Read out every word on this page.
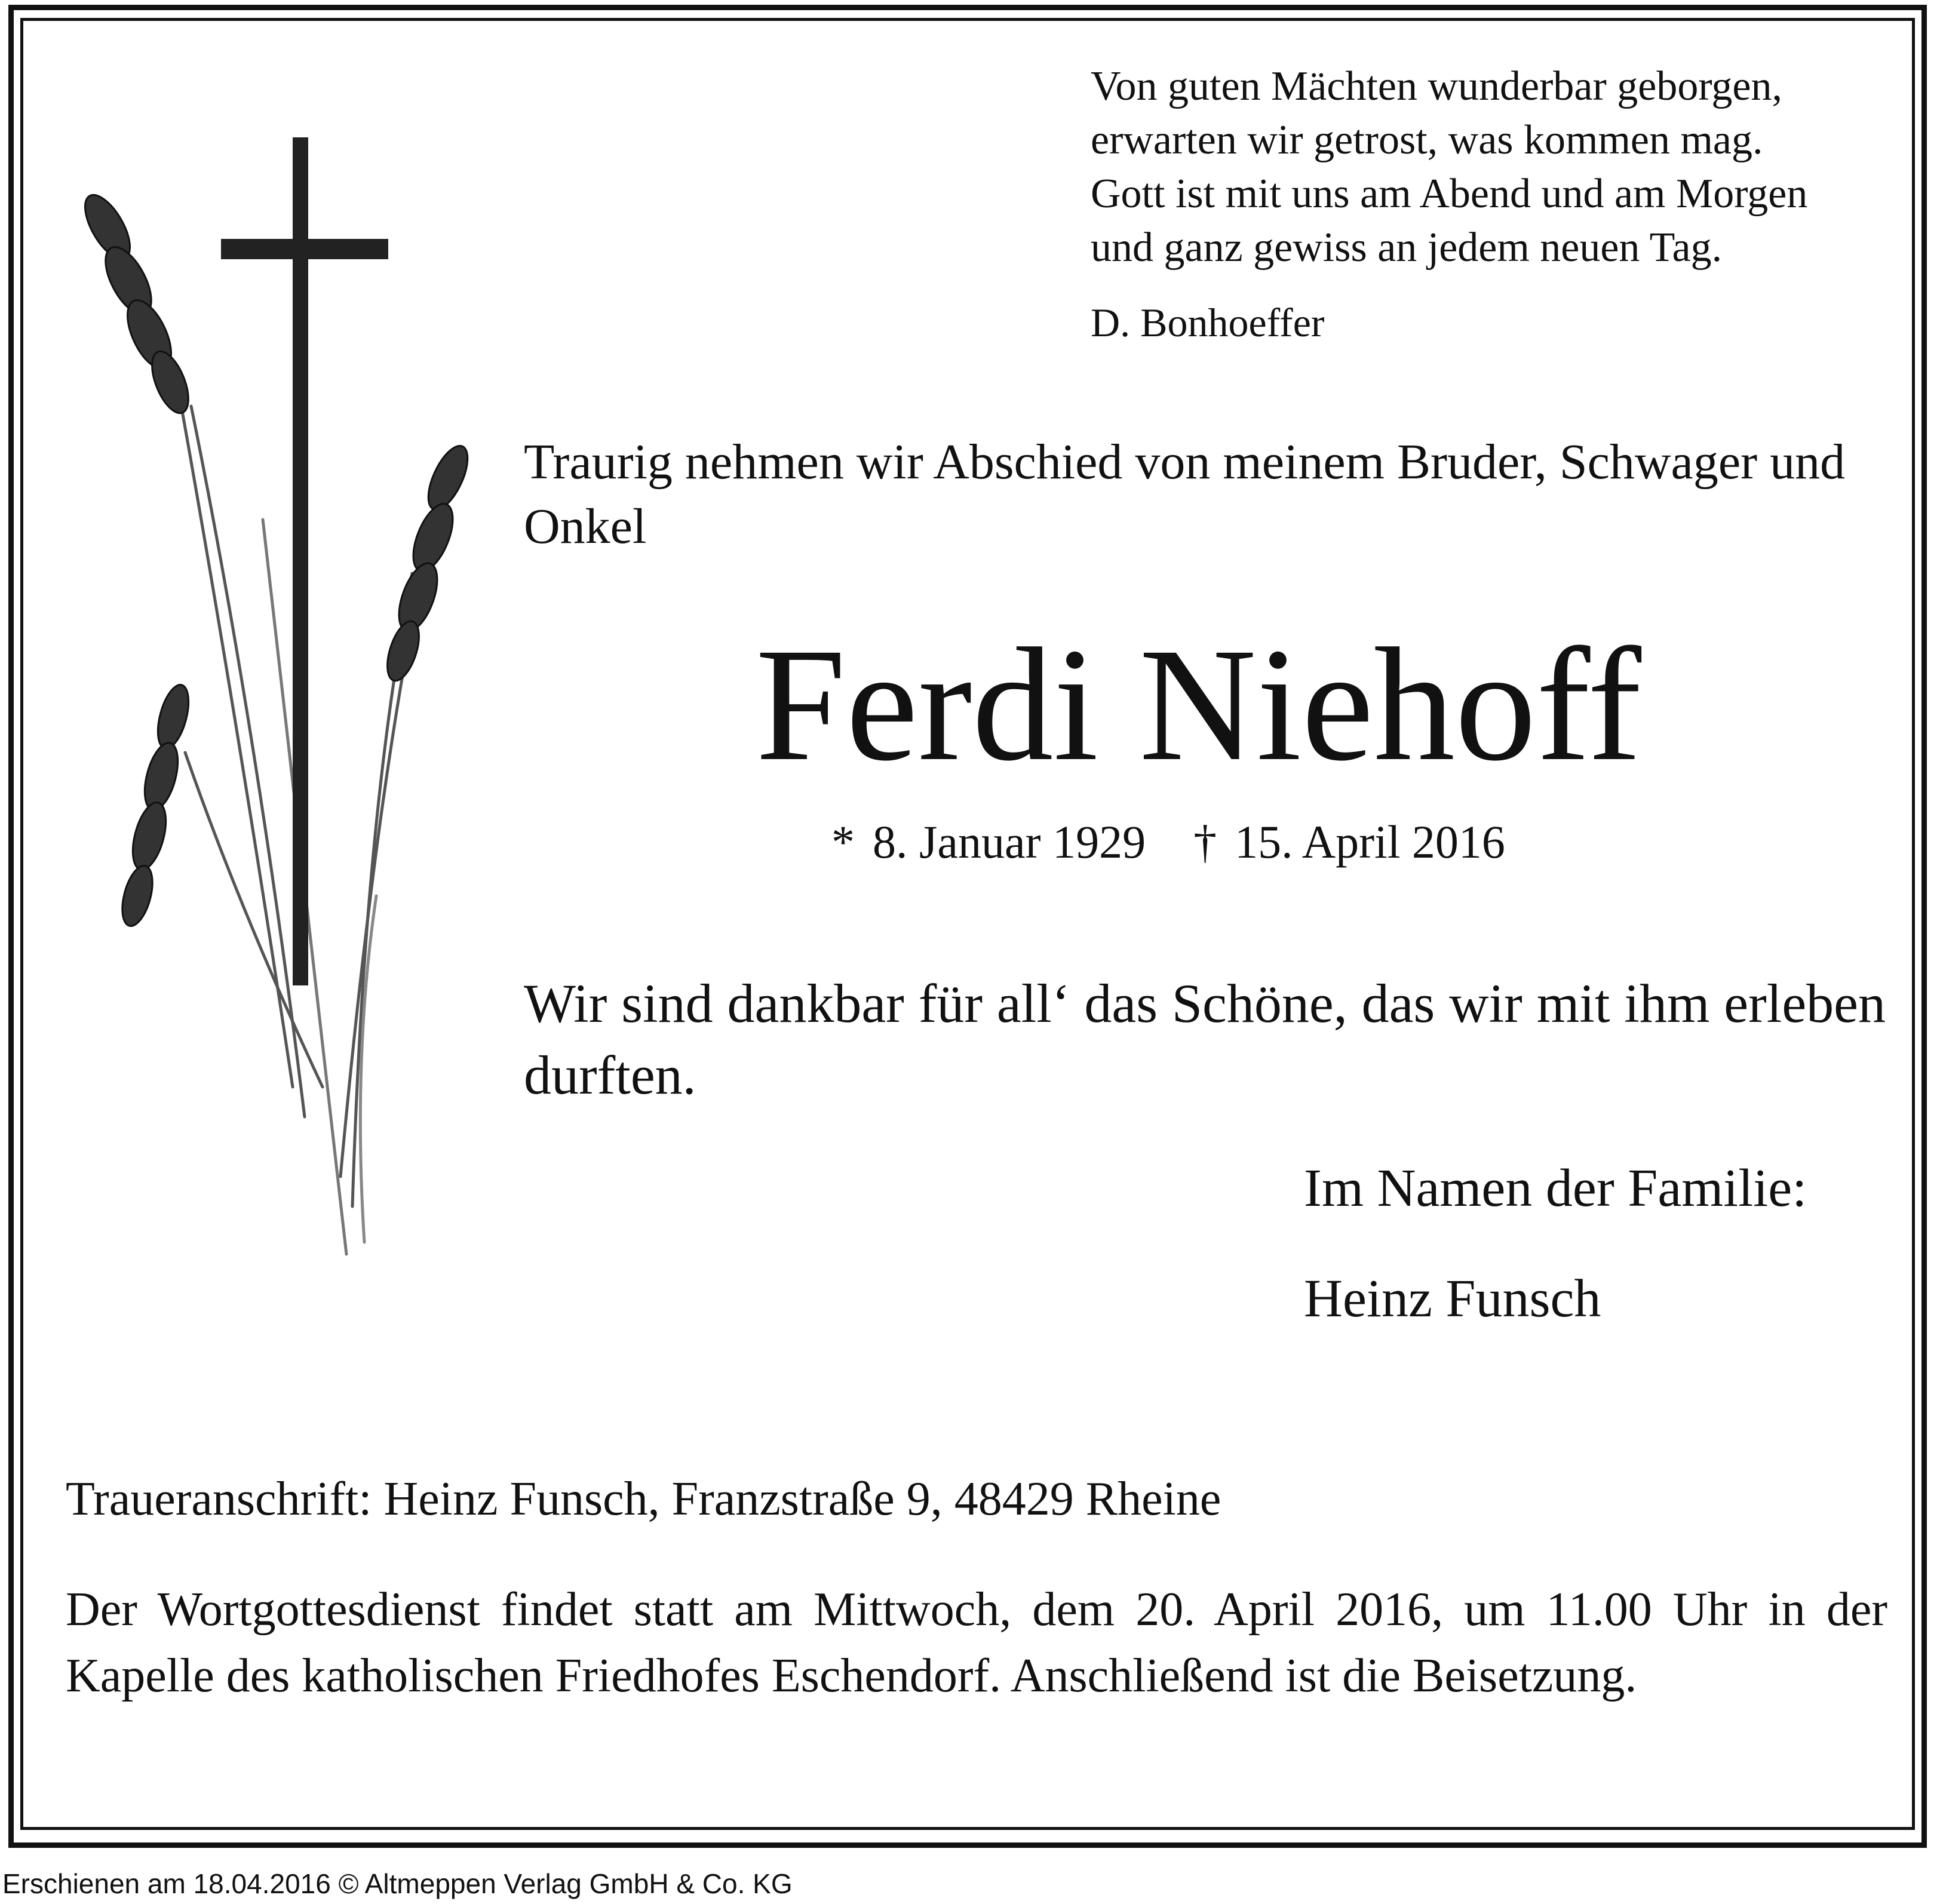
Von guten Mächten wunderbar geborgen,
erwarten wir getrost, was kommen mag.
Gott ist mit uns am Abend und am Morgen
und ganz gewiss an jedem neuen Tag.
D. Bonhoeffer
Traurig nehmen wir Abschied von meinem Bruder, Schwager und Onkel
Ferdi Niehoff
* 8. Januar 1929 † 15. April 2016
Wir sind dankbar für all‘ das Schöne, das wir mit ihm erleben durften.
Im Namen der Familie:
Heinz Funsch
Traueranschrift: Heinz Funsch, Franzstraße 9, 48429 Rheine
Der Wortgottesdienst findet statt am Mittwoch, dem 20. April 2016, um 11.00 Uhr in der Kapelle des katholischen Friedhofes Eschendorf. Anschließend ist die Beisetzung.
Erschienen am 18.04.2016 © Altmeppen Verlag GmbH & Co. KG
